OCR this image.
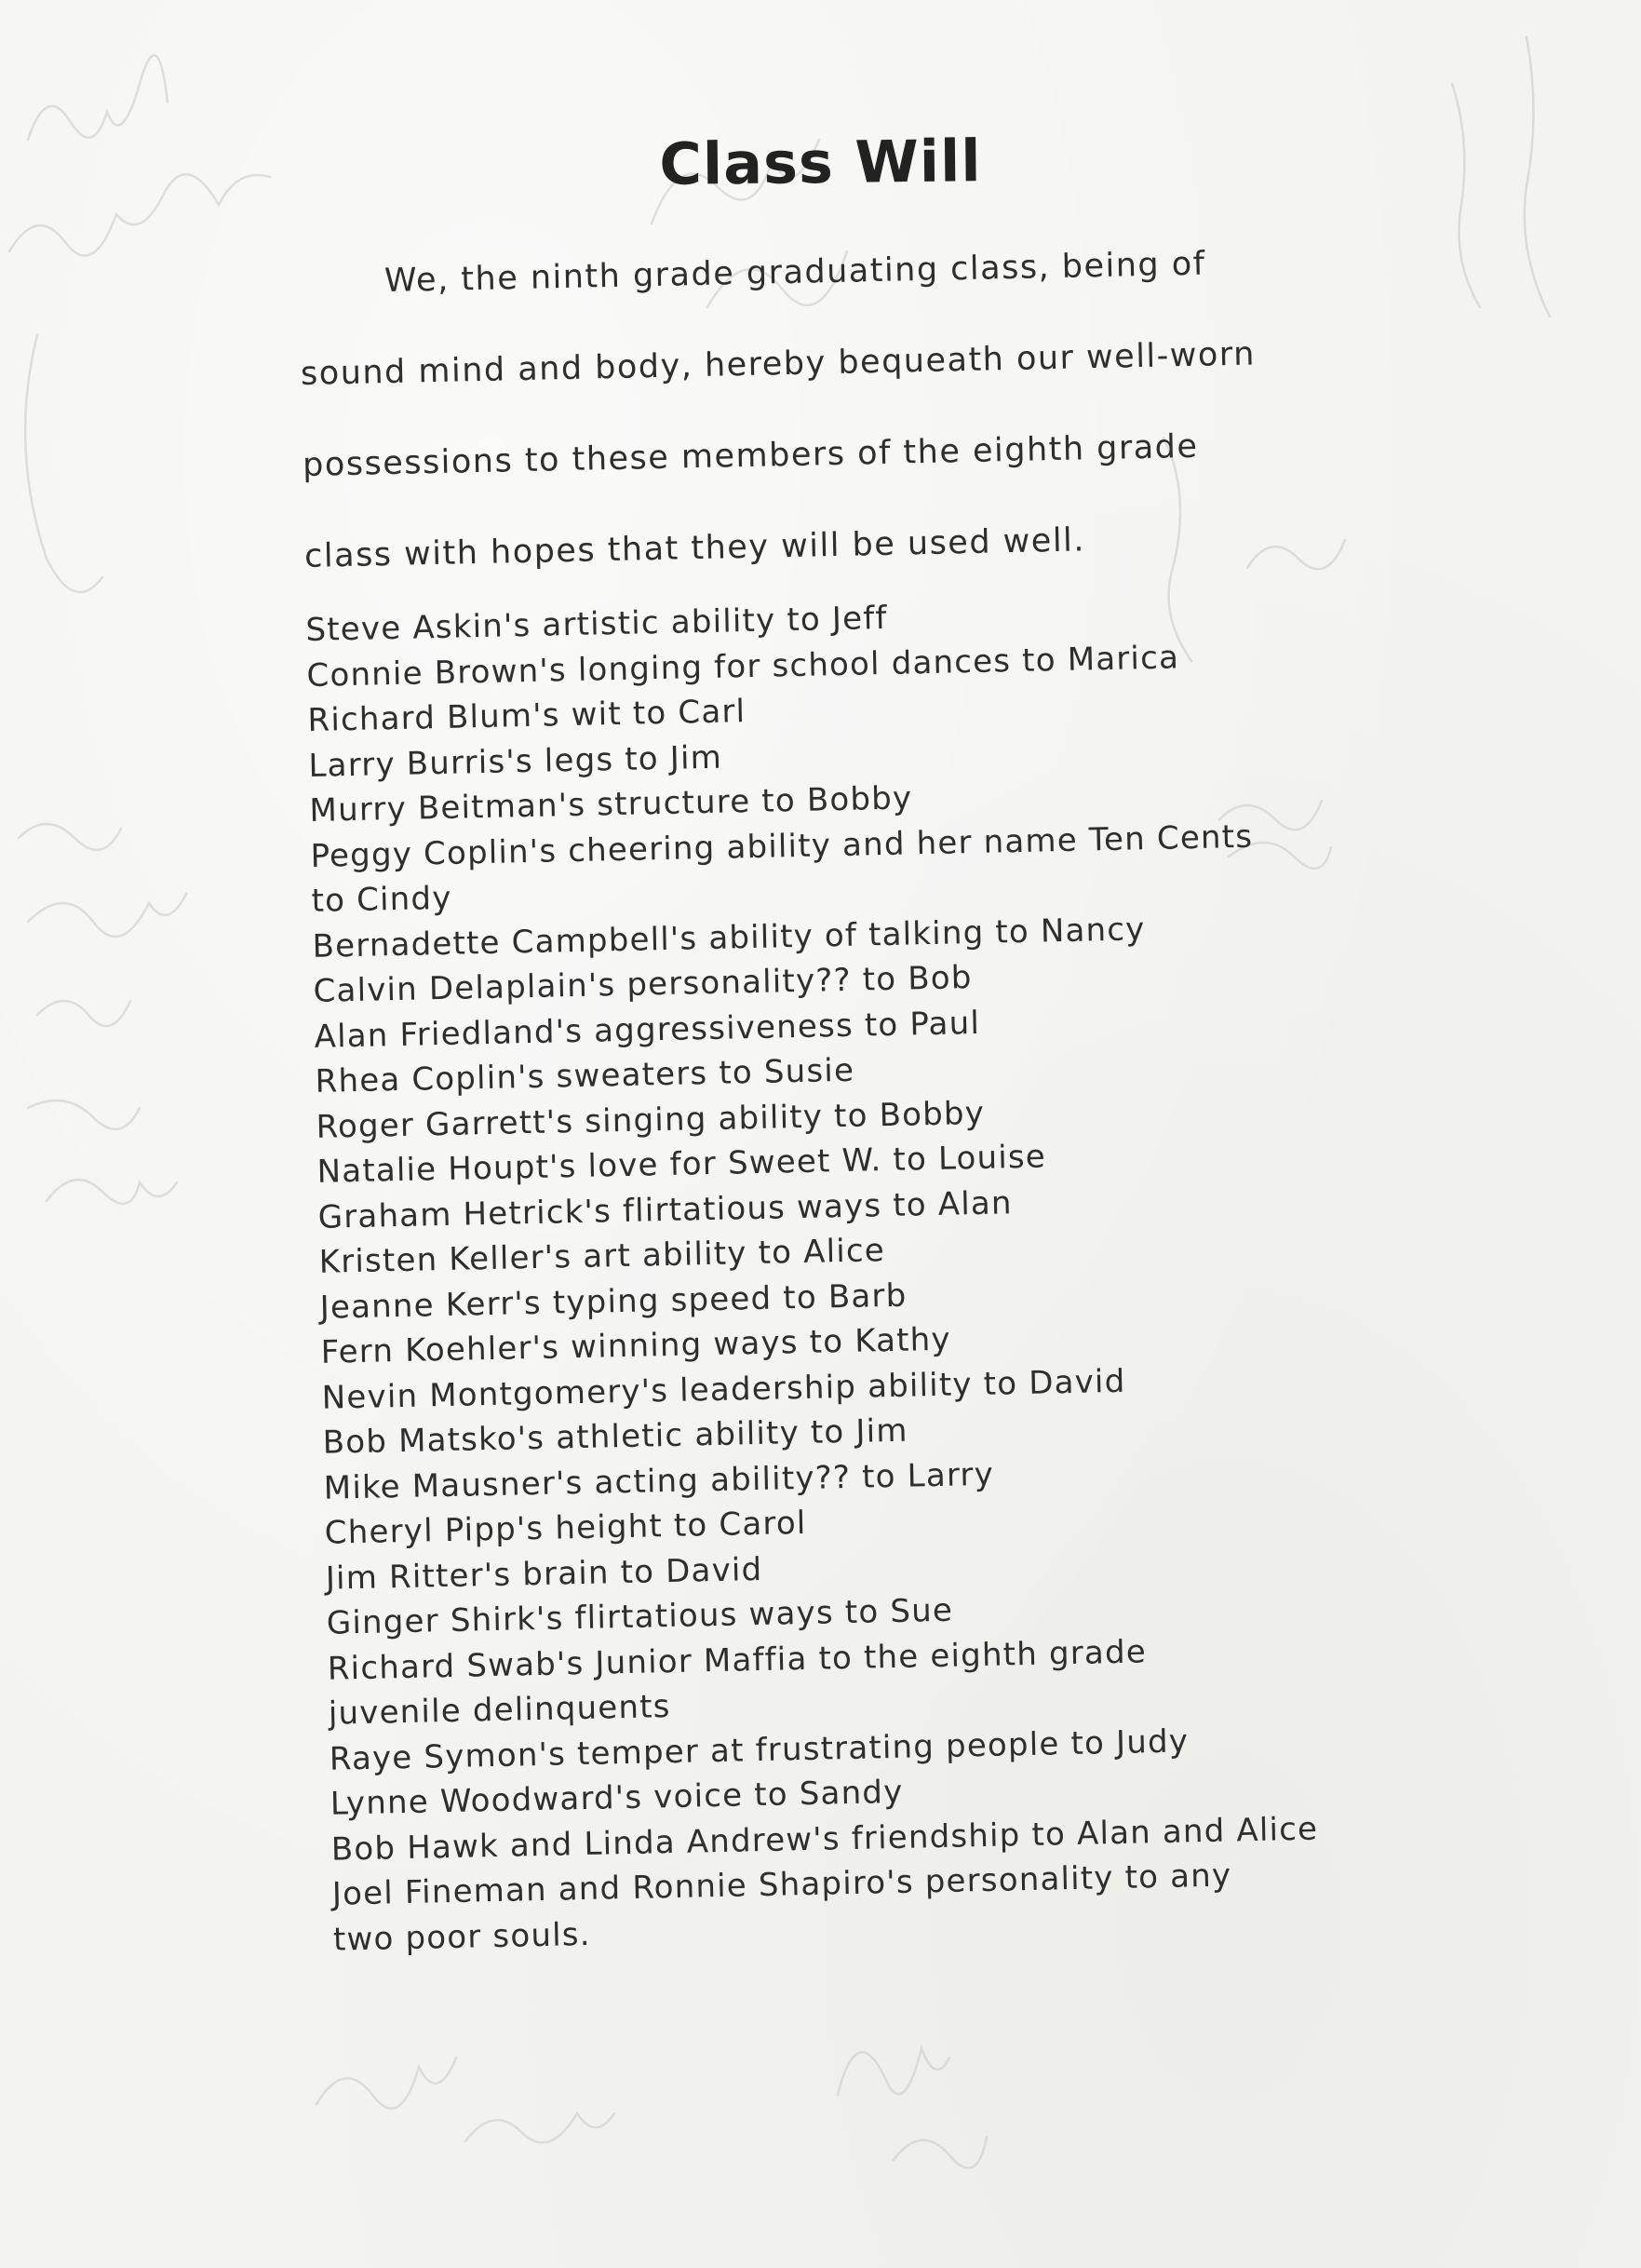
Class Will
We, the ninth grade graduating class, being of
sound mind and body, hereby bequeath our well-worn
possessions to these members of the eighth grade
class with hopes that they will be used well.
Steve Askin's artistic ability to Jeff
Connie Brown's longing for school dances to Marica
Richard Blum's wit to Carl
Larry Burris's legs to Jim
Murry Beitman's structure to Bobby
Peggy Coplin's cheering ability and her name Ten Cents
to Cindy
Bernadette Campbell's ability of talking to Nancy
Calvin Delaplain's personality?? to Bob
Alan Friedland's aggressiveness to Paul
Rhea Coplin's sweaters to Susie
Roger Garrett's singing ability to Bobby
Natalie Houpt's love for Sweet W. to Louise
Graham Hetrick's flirtatious ways to Alan
Kristen Keller's art ability to Alice
Jeanne Kerr's typing speed to Barb
Fern Koehler's winning ways to Kathy
Nevin Montgomery's leadership ability to David
Bob Matsko's athletic ability to Jim
Mike Mausner's acting ability?? to Larry
Cheryl Pipp's height to Carol
Jim Ritter's brain to David
Ginger Shirk's flirtatious ways to Sue
Richard Swab's Junior Maffia to the eighth grade
juvenile delinquents
Raye Symon's temper at frustrating people to Judy
Lynne Woodward's voice to Sandy
Bob Hawk and Linda Andrew's friendship to Alan and Alice
Joel Fineman and Ronnie Shapiro's personality to any
two poor souls.
